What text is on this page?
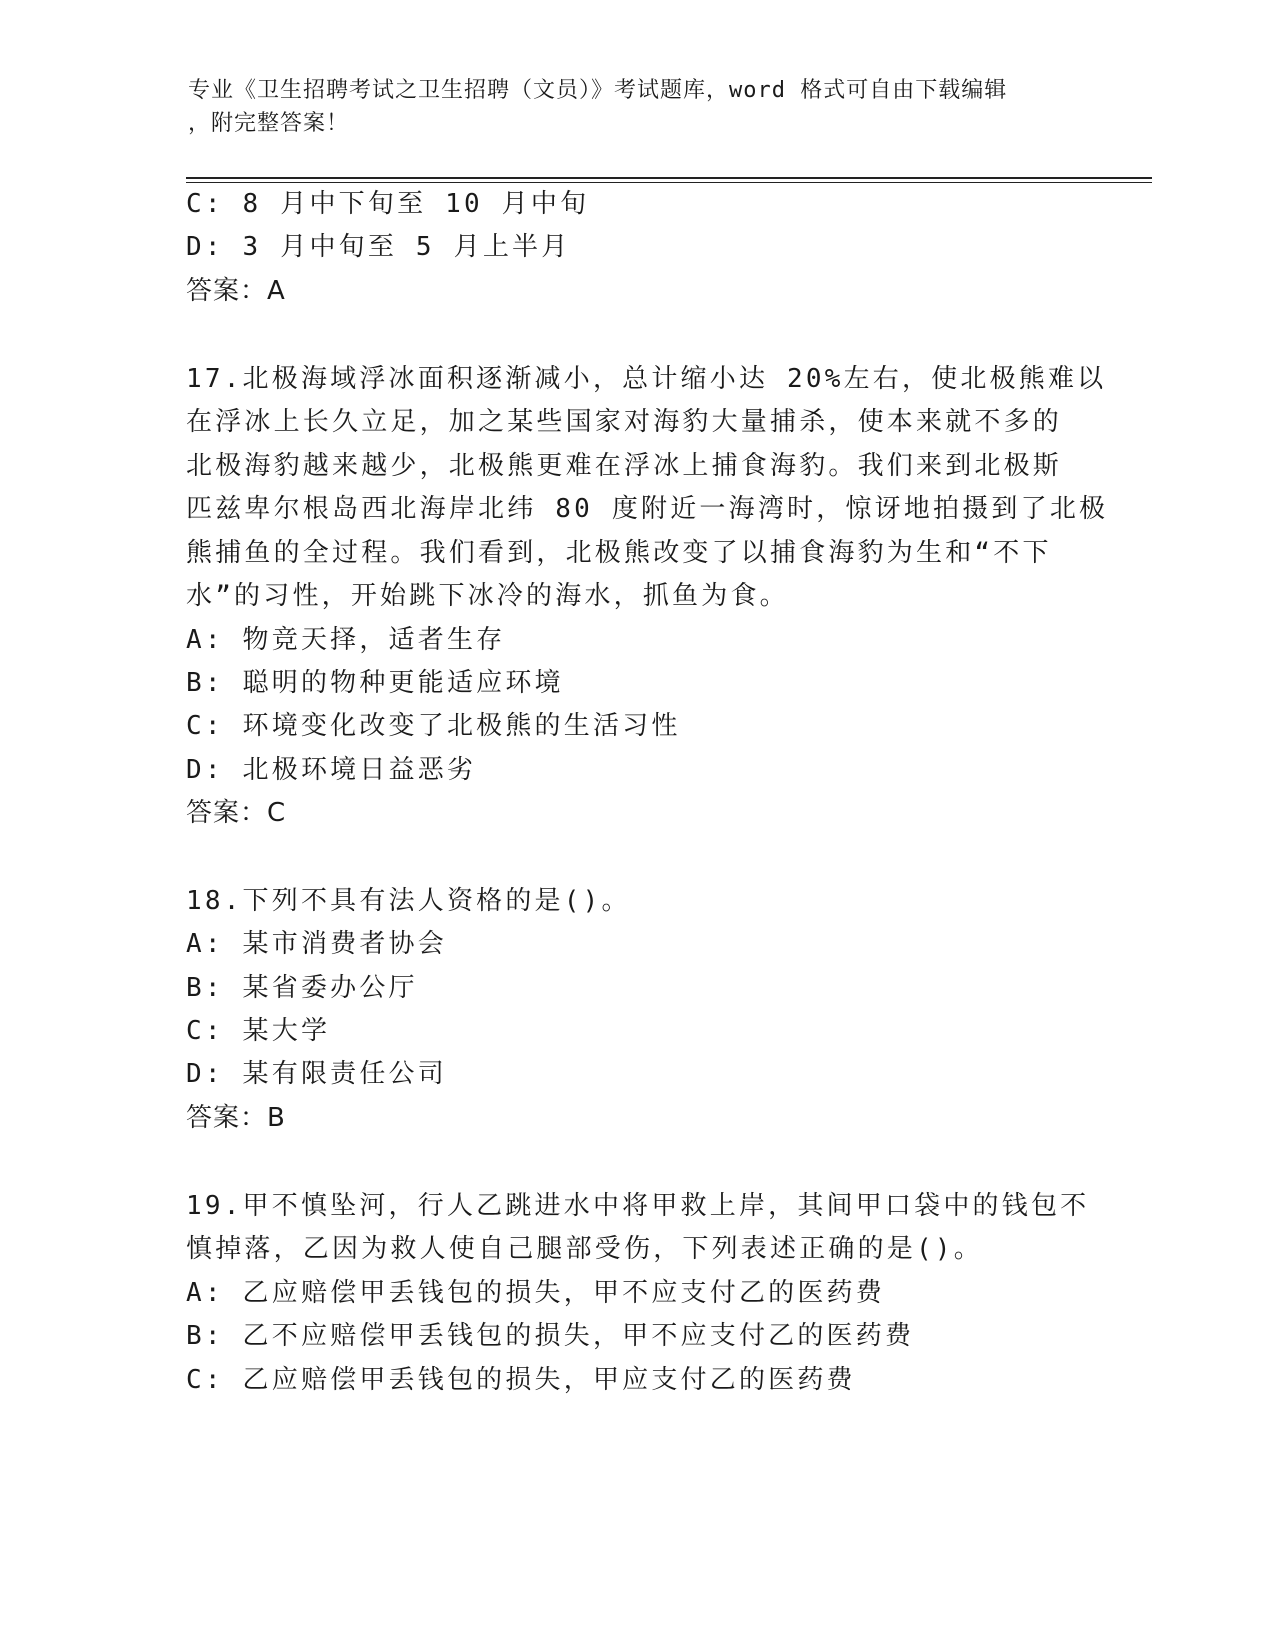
专业《卫生招聘考试之卫生招聘（文员）》考试题库，word 格式可自由下载编辑
，附完整答案！
C: 8 月中下旬至 10 月中旬
D: 3 月中旬至 5 月上半月
答案：A
17.北极海域浮冰面积逐渐减小，总计缩小达 20%左右，使北极熊难以
在浮冰上长久立足，加之某些国家对海豹大量捕杀，使本来就不多的
北极海豹越来越少，北极熊更难在浮冰上捕食海豹。我们来到北极斯
匹兹卑尔根岛西北海岸北纬 80 度附近一海湾时，惊讶地拍摄到了北极
熊捕鱼的全过程。我们看到，北极熊改变了以捕食海豹为生和“不下
水”的习性，开始跳下冰冷的海水，抓鱼为食。
A: 物竞天择，适者生存
B: 聪明的物种更能适应环境
C: 环境变化改变了北极熊的生活习性
D: 北极环境日益恶劣
答案：C
18.下列不具有法人资格的是()。
A: 某市消费者协会
B: 某省委办公厅
C: 某大学
D: 某有限责任公司
答案：B
19.甲不慎坠河，行人乙跳进水中将甲救上岸，其间甲口袋中的钱包不
慎掉落，乙因为救人使自己腿部受伤，下列表述正确的是()。
A: 乙应赔偿甲丢钱包的损失，甲不应支付乙的医药费
B: 乙不应赔偿甲丢钱包的损失，甲不应支付乙的医药费
C: 乙应赔偿甲丢钱包的损失，甲应支付乙的医药费
